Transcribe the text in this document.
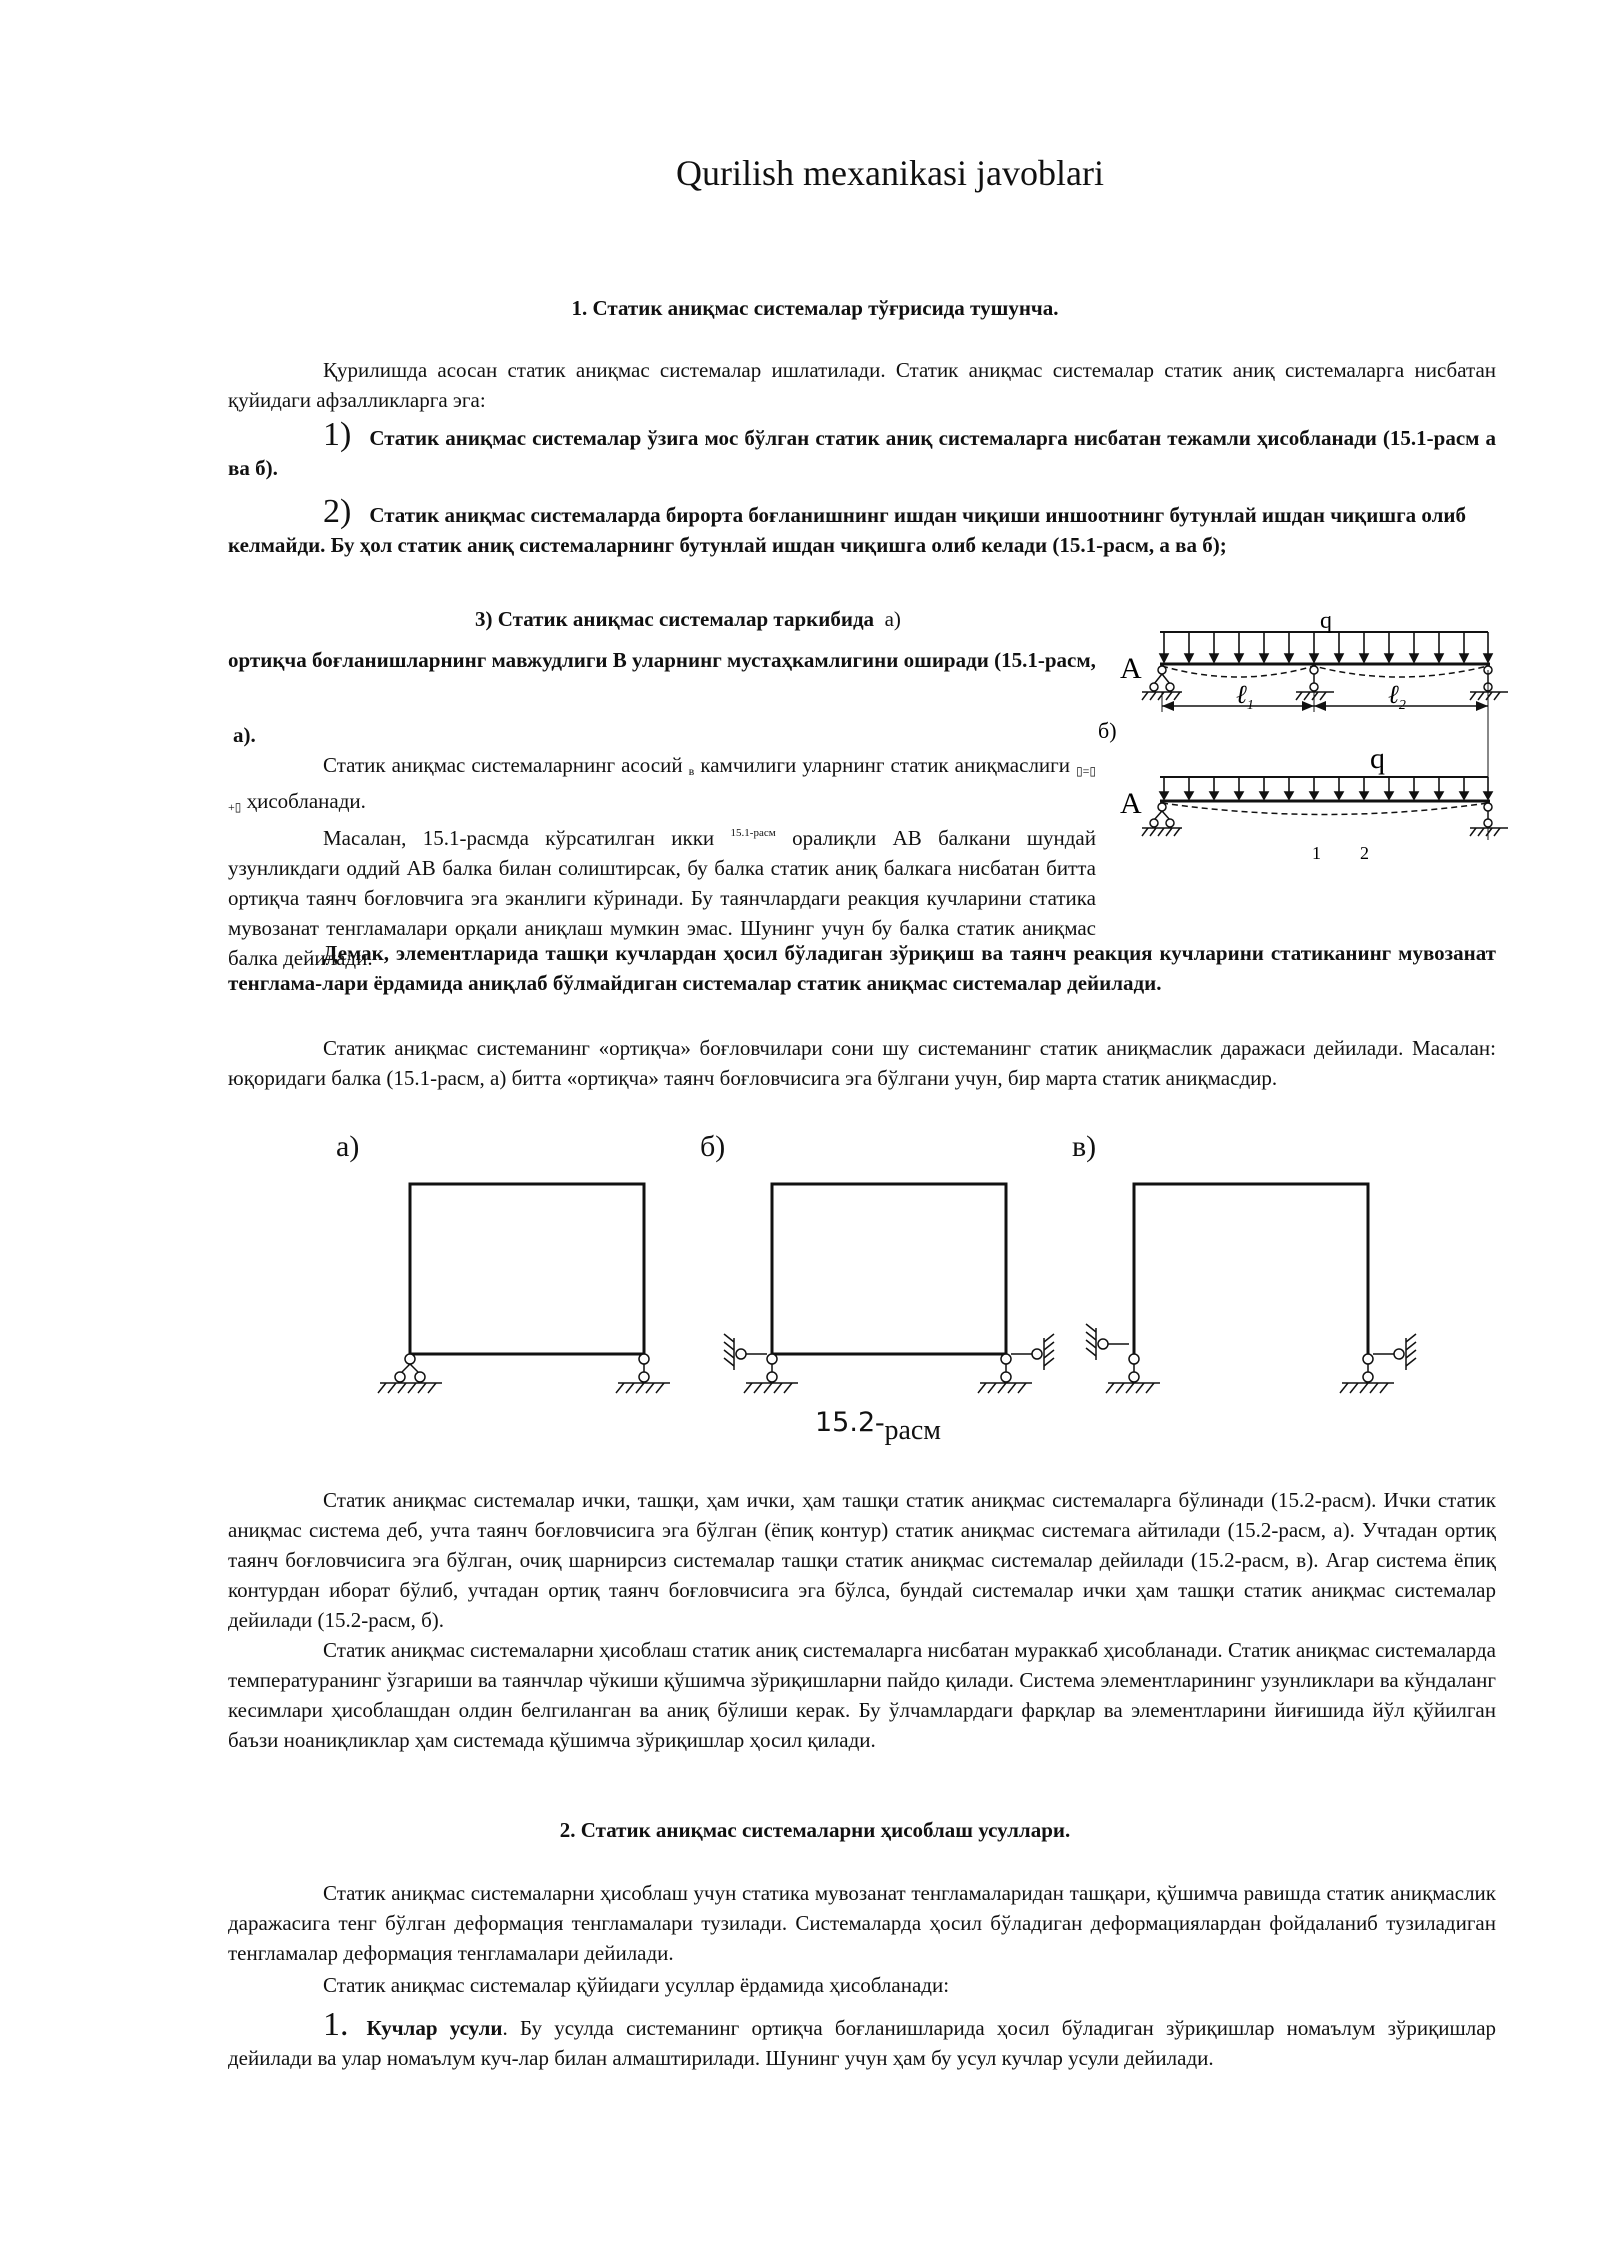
Qurilish mexanikasi javoblari
1. Статик аниқмас системалар тўғрисида тушунча.
Қурилишда асосан статик аниқмас системалар ишлатилади. Статик аниқмас системалар статик аниқ системаларга нисбатан қуйидаги афзалликларга эга:
1) Статик аниқмас системалар ўзига мос бўлган статик аниқ системаларга нисбатан тежамли ҳисобланади (15.1-расм а ва б).
2) Статик аниқмас системаларда бирорта боғланишнинг ишдан чиқиши иншоотнинг бутунлай ишдан чиқишга олиб келмайди. Бу ҳол статик аниқ системаларнинг бутунлай ишдан чиқишга олиб келади (15.1-расм, а ва б);
3) Статик аниқмас системалар таркибида а)
ортиқча боғланишларнинг мавжудлиги В уларнинг мустаҳкамлигини оширади (15.1-расм,
а).
Статик аниқмас системаларнинг асосий $_в$ камчилиги уларнинг статик аниқмаслиги $_{▯=▯ +▯}$ ҳисобланади.
Масалан, 15.1-расмда кўрсатилган икки $^{15.1-расм}$ оралиқли АВ балкани шундай узунликдаги оддий АВ балка билан солиштирсак, бу балка статик аниқ балкага нисбатан битта ортиқча таянч боғловчига эга эканлиги кўринади. Бу таянчлардаги реакция кучларини статика мувозанат тенгламалари орқали аниқлаш мумкин эмас. Шунинг учун бу балка статик аниқмас балка дейилади.
Демак, элементларида ташқи кучлардан ҳосил бўладиган зўриқиш ва таянч реакция кучларини статиканинг мувозанат тенглама-лари ёрдамида аниқлаб бўлмайдиган системалар статик аниқмас системалар дейилади.
Статик аниқмас системанинг «ортиқча» боғловчилари сони шу системанинг статик аниқмаслик даражаси дейилади. Масалан: юқоридаги балка (15.1-расм, а) битта «ортиқча» таянч боғловчисига эга бўлгани учун, бир марта статик аниқмасдир.
q
A
ℓ$_1$	ℓ$_2$
б)
q
A
1 2
а)	б)	в)
15.2-расм
Статик аниқмас системалар ички, ташқи, ҳам ички, ҳам ташқи статик аниқмас системаларга бўлинади (15.2-расм). Ички статик аниқмас система деб, учта таянч боғловчисига эга бўлган (ёпиқ контур) статик аниқмас системага айтилади (15.2-расм, а). Учтадан ортиқ таянч боғловчисига эга бўлган, очиқ шарнирсиз системалар ташқи статик аниқмас системалар дейилади (15.2-расм, в). Агар система ёпиқ контурдан иборат бўлиб, учтадан ортиқ таянч боғловчисига эга бўлса, бундай системалар ички ҳам ташқи статик аниқмас системалар дейилади (15.2-расм, б).
Статик аниқмас системаларни ҳисоблаш статик аниқ системаларга нисбатан мураккаб ҳисобланади. Статик аниқмас системаларда температуранинг ўзгариши ва таянчлар чўкиши қўшимча зўриқишларни пайдо қилади. Система элементларининг узунликлари ва кўндаланг кесимлари ҳисоблашдан олдин белгиланган ва аниқ бўлиши керак. Бу ўлчамлардаги фарқлар ва элементларини йиғишида йўл қўйилган баъзи ноаниқликлар ҳам системада қўшимча зўриқишлар ҳосил қилади.
2. Статик аниқмас системаларни ҳисоблаш усуллари.
Статик аниқмас системаларни ҳисоблаш учун статика мувозанат тенгламаларидан ташқари, қўшимча равишда статик аниқмаслик даражасига тенг бўлган деформация тенгламалари тузилади. Системаларда ҳосил бўладиган деформациялардан фойдаланиб тузиладиган тенгламалар деформация тенгламалари дейилади.
Статик аниқмас системалар қўйидаги усуллар ёрдамида ҳисобланади:
1. Кучлар усули. Бу усулда системанинг ортиқча боғланишларида ҳосил бўладиган зўриқишлар номаълум зўриқишлар дейилади ва улар номаълум куч-лар билан алмаштирилади. Шунинг учун ҳам бу усул кучлар усули дейилади.
